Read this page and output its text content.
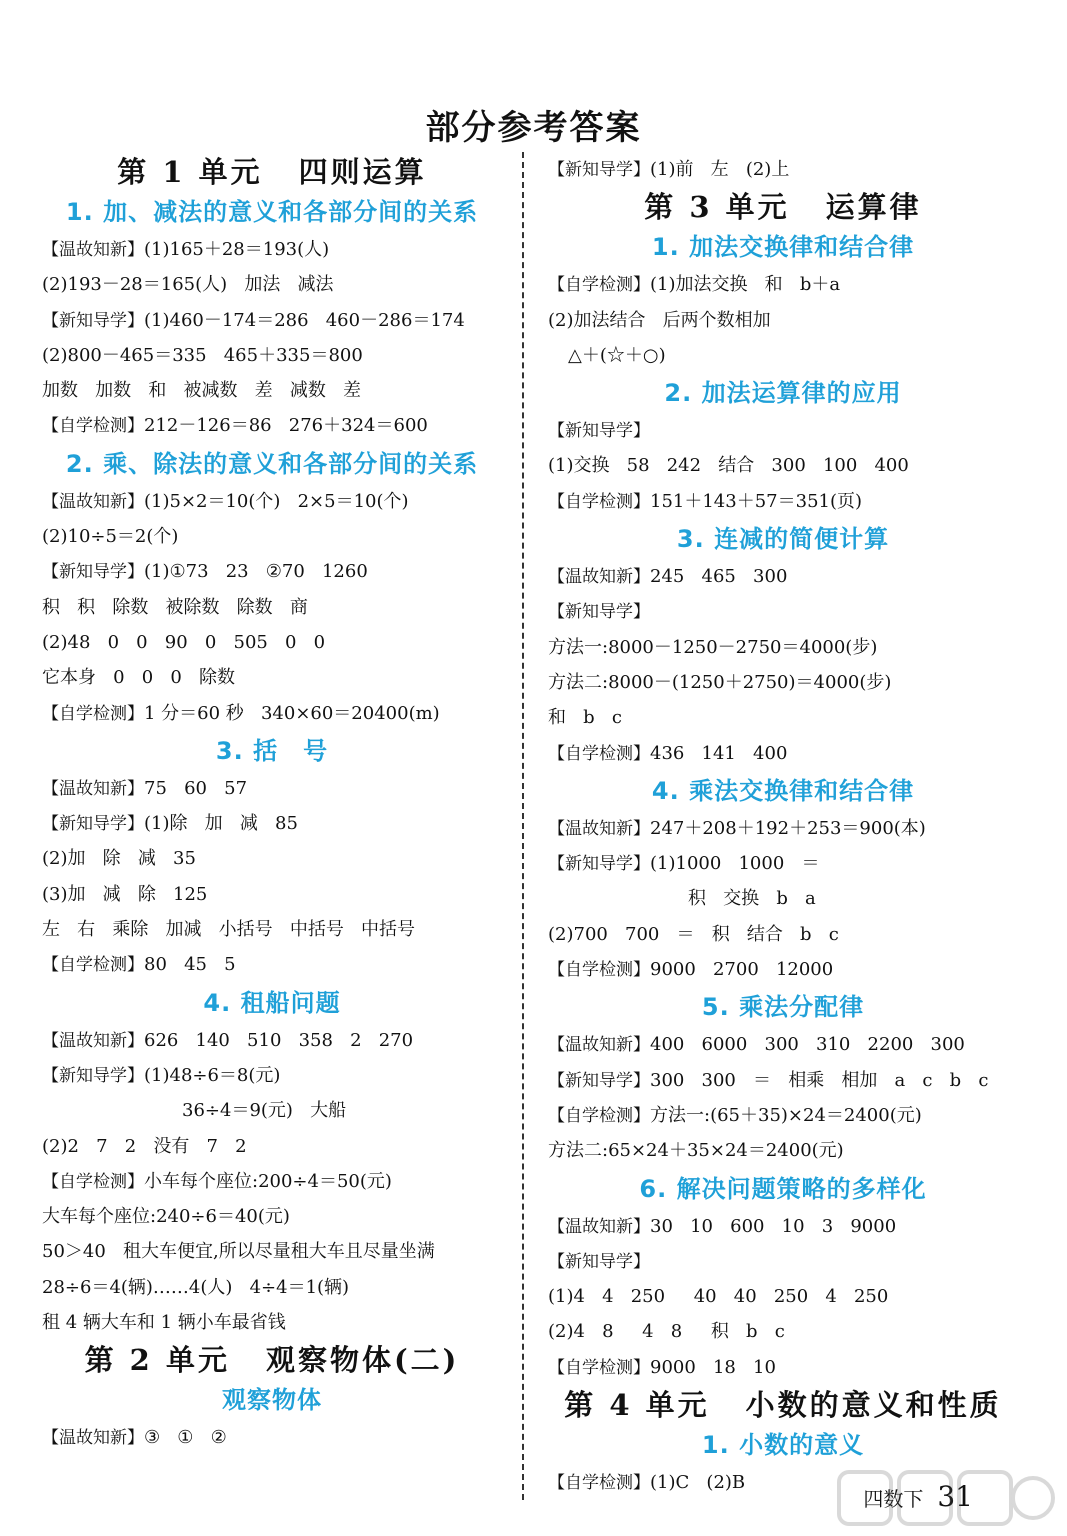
部分参考答案
第 1 单元 四则运算
1. 加、减法的意义和各部分间的关系
【温故知新】(1)165＋28＝193(人)
(2)193－28＝165(人)   加法   减法
【新知导学】(1)460－174＝286   460－286＝174
(2)800－465＝335   465＋335＝800
加数   加数   和   被减数   差   减数   差
【自学检测】212－126＝86   276＋324＝600
2. 乘、除法的意义和各部分间的关系
【温故知新】(1)5×2＝10(个)   2×5＝10(个)
(2)10÷5＝2(个)
【新知导学】(1)①73   23   ②70   1260
积   积   除数   被除数   除数   商
(2)48   0   0   90   0   505   0   0
它本身   0   0   0   除数
【自学检测】1 分＝60 秒   340×60＝20400(m)
3. 括　号
【温故知新】75   60   57
【新知导学】(1)除   加   减   85
(2)加   除   减   35
(3)加   减   除   125
左   右   乘除   加减   小括号   中括号   中括号
【自学检测】80   45   5
4. 租船问题
【温故知新】626   140   510   358   2   270
【新知导学】(1)48÷6＝8(元)
36÷4＝9(元)   大船
(2)2   7   2   没有   7   2
【自学检测】小车每个座位:200÷4＝50(元)
大车每个座位:240÷6＝40(元)
50＞40   租大车便宜,所以尽量租大车且尽量坐满
28÷6＝4(辆)……4(人)   4÷4＝1(辆)
租 4 辆大车和 1 辆小车最省钱
第 2 单元 观察物体(二)
观察物体
【温故知新】③   ①   ②
【新知导学】(1)前   左   (2)上
第 3 单元 运算律
1. 加法交换律和结合律
【自学检测】(1)加法交换   和   b＋a
(2)加法结合   后两个数相加
△＋(☆＋○)
2. 加法运算律的应用
【新知导学】
(1)交换   58   242   结合   300   100   400
【自学检测】151＋143＋57＝351(页)
3. 连减的简便计算
【温故知新】245   465   300
【新知导学】
方法一:8000－1250－2750＝4000(步)
方法二:8000－(1250＋2750)＝4000(步)
和   b   c
【自学检测】436   141   400
4. 乘法交换律和结合律
【温故知新】247＋208＋192＋253＝900(本)
【新知导学】(1)1000   1000   ＝
积   交换   b   a
(2)700   700   ＝   积   结合   b   c
【自学检测】9000   2700   12000
5. 乘法分配律
【温故知新】400   6000   300   310   2200   300
【新知导学】300   300   ＝   相乘   相加   a   c   b   c
【自学检测】方法一:(65＋35)×24＝2400(元)
方法二:65×24＋35×24＝2400(元)
6. 解决问题策略的多样化
【温故知新】30   10   600   10   3   9000
【新知导学】
(1)4   4   250     40   40   250   4   250
(2)4   8     4   8     积   b   c
【自学检测】9000   18   10
第 4 单元 小数的意义和性质
1. 小数的意义
【自学检测】(1)C   (2)B
四数下 31
